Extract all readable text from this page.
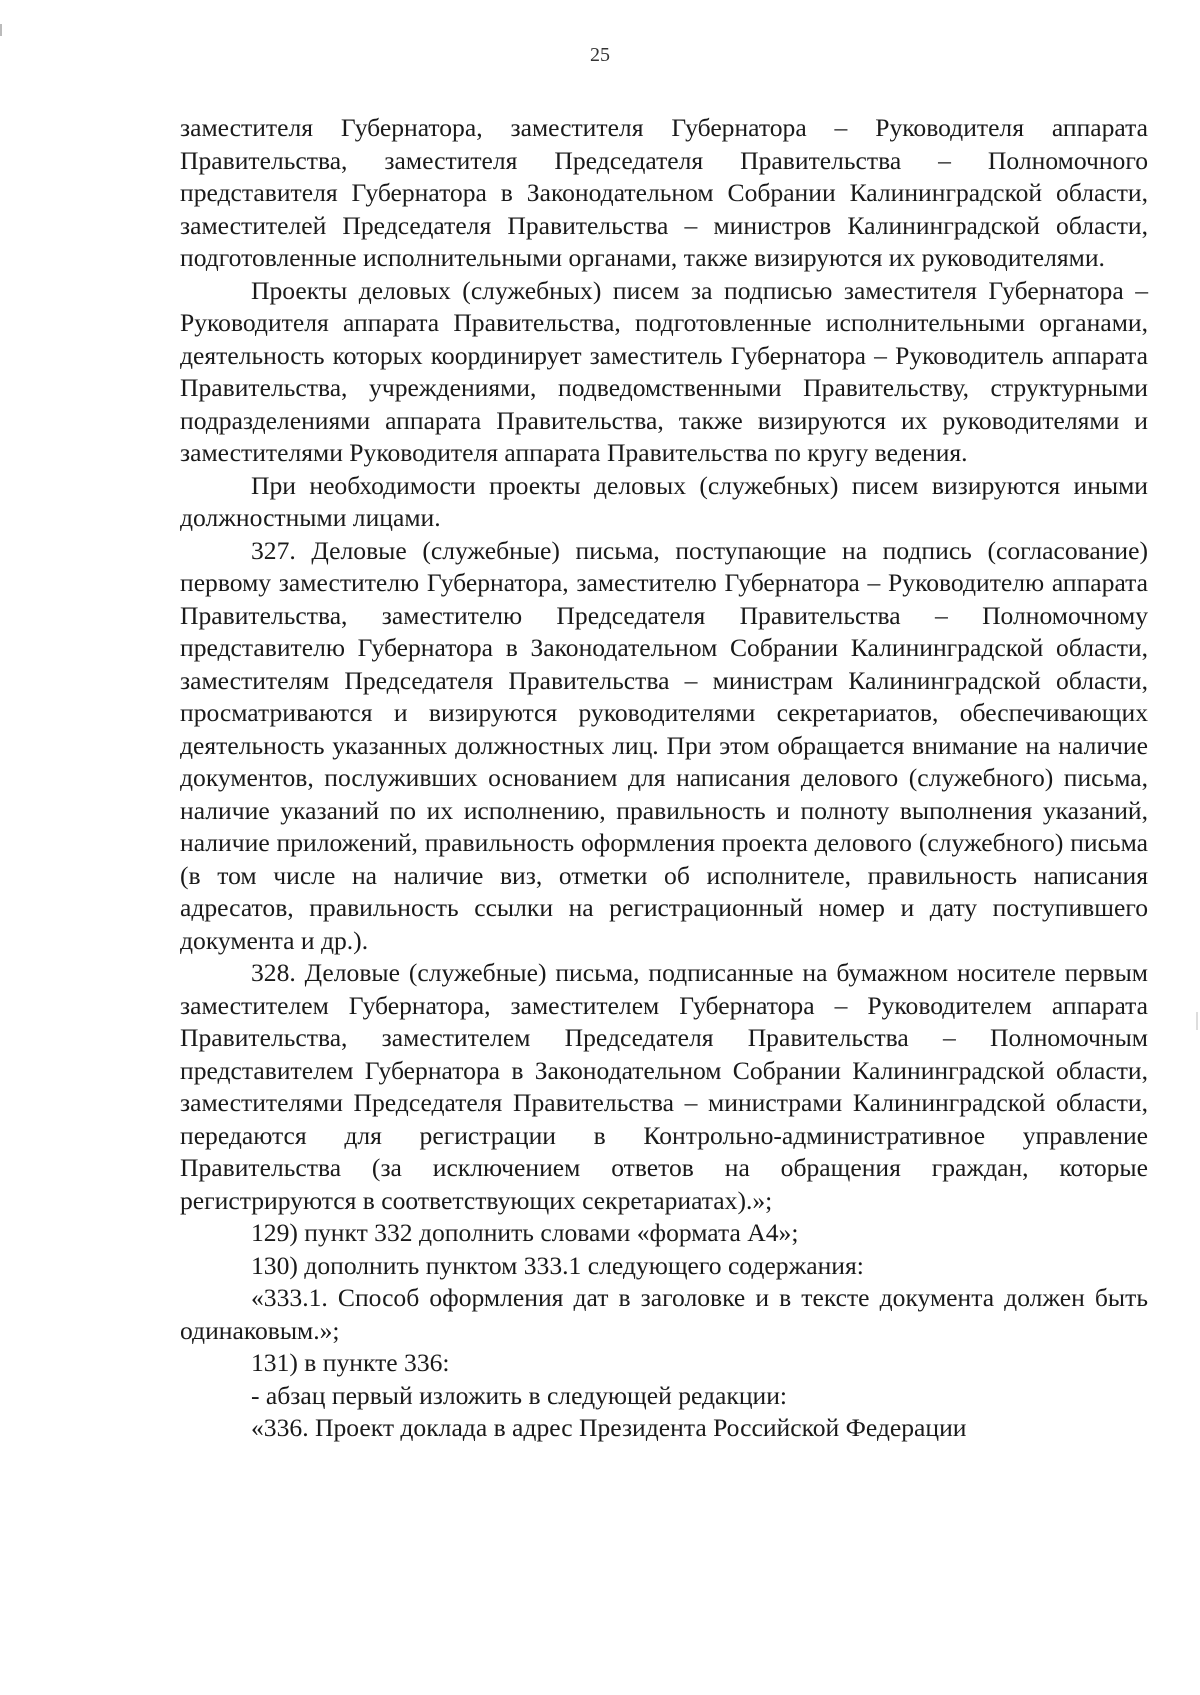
25

заместителя Губернатора, заместителя Губернатора – Руководителя аппарата Правительства, заместителя Председателя Правительства – Полномочного представителя Губернатора в Законодательном Собрании Калининградской области, заместителей Председателя Правительства – министров Калининградской области, подготовленные исполнительными органами, также визируются их руководителями.

Проекты деловых (служебных) писем за подписью заместителя Губернатора – Руководителя аппарата Правительства, подготовленные исполнительными органами, деятельность которых координирует заместитель Губернатора – Руководитель аппарата Правительства, учреждениями, подведомственными Правительству, структурными подразделениями аппарата Правительства, также визируются их руководителями и заместителями Руководителя аппарата Правительства по кругу ведения.

При необходимости проекты деловых (служебных) писем визируются иными должностными лицами.

327. Деловые (служебные) письма, поступающие на подпись (согласование) первому заместителю Губернатора, заместителю Губернатора – Руководителю аппарата Правительства, заместителю Председателя Правительства – Полномочному представителю Губернатора в Законодательном Собрании Калининградской области, заместителям Председателя Правительства – министрам Калининградской области, просматриваются и визируются руководителями секретариатов, обеспечивающих деятельность указанных должностных лиц. При этом обращается внимание на наличие документов, послуживших основанием для написания делового (служебного) письма, наличие указаний по их исполнению, правильность и полноту выполнения указаний, наличие приложений, правильность оформления проекта делового (служебного) письма (в том числе на наличие виз, отметки об исполнителе, правильность написания адресатов, правильность ссылки на регистрационный номер и дату поступившего документа и др.).

328. Деловые (служебные) письма, подписанные на бумажном носителе первым заместителем Губернатора, заместителем Губернатора – Руководителем аппарата Правительства, заместителем Председателя Правительства – Полномочным представителем Губернатора в Законодательном Собрании Калининградской области, заместителями Председателя Правительства – министрами Калининградской области, передаются для регистрации в Контрольно-административное управление Правительства (за исключением ответов на обращения граждан, которые регистрируются в соответствующих секретариатах).»;

129) пункт 332 дополнить словами «формата А4»;

130) дополнить пунктом 333.1 следующего содержания:

«333.1. Способ оформления дат в заголовке и в тексте документа должен быть одинаковым.»;

131) в пункте 336:

- абзац первый изложить в следующей редакции:

«336. Проект доклада в адрес Президента Российской Федерации
